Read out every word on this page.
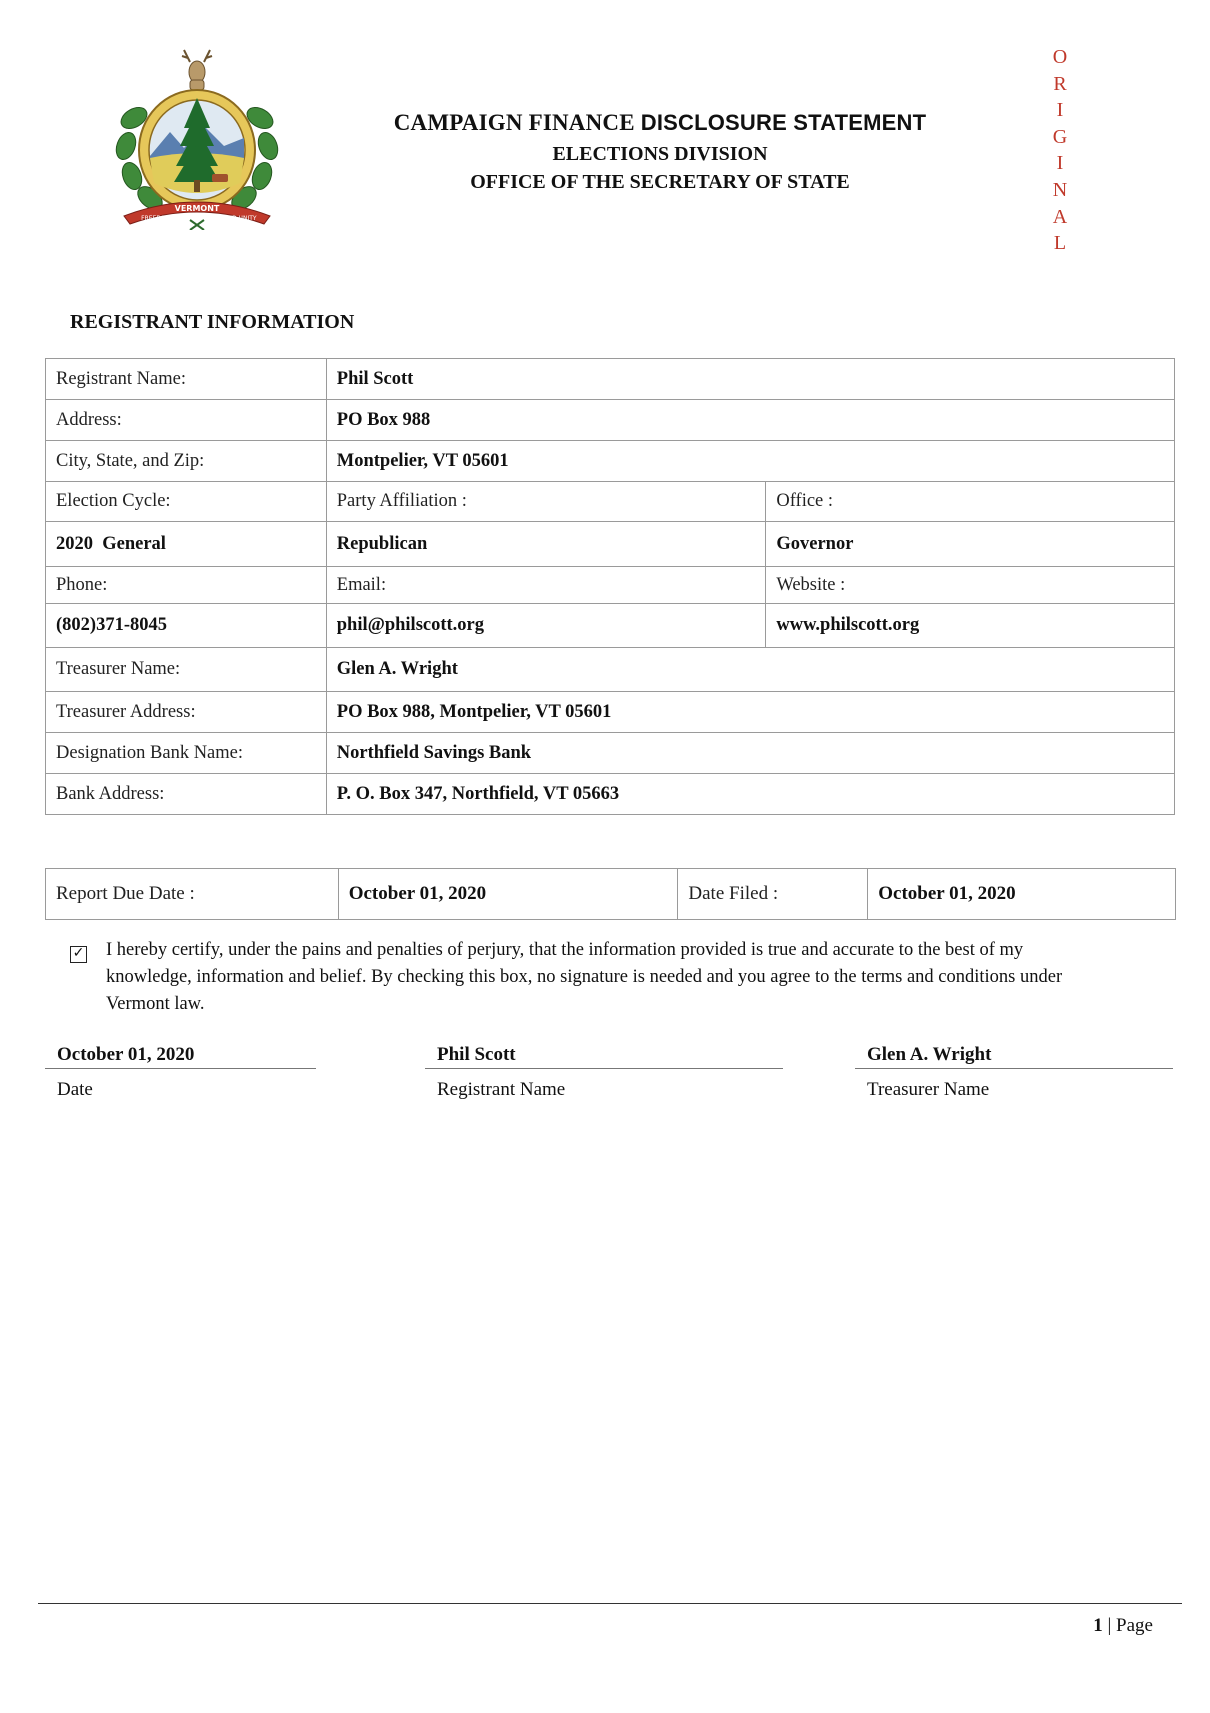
VERMONT
FREEDOM	AND UNITY
CAMPAIGN FINANCE DISCLOSURE STATEMENT
ELECTIONS DIVISION
OFFICE OF THE SECRETARY OF STATE
O
R
I
G
I
N
A
L
REGISTRANT INFORMATION
Registrant Name:	Phil Scott	
Address:	PO Box 988	
City, State, and Zip:	Montpelier, VT 05601	
Election Cycle:	Party Affiliation :	Office :
2020  General	Republican	Governor
Phone:	Email:	Website :
(802)371-8045	phil@philscott.org	www.philscott.org
Treasurer Name:	Glen A. Wright	
Treasurer Address:	PO Box 988, Montpelier, VT 05601	
Designation Bank Name:	Northfield Savings Bank	
Bank Address:	P. O. Box 347, Northfield, VT 05663	
Report Due Date :	October 01, 2020	Date Filed :	October 01, 2020
✓ I hereby certify, under the pains and penalties of perjury, that the information provided is true and accurate to the best of my knowledge, information and belief. By checking this box, no signature is needed and you agree to the terms and conditions under Vermont law.
October 01, 2020
Date
Phil Scott
Registrant Name
Glen A. Wright
Treasurer Name
1 | Page
